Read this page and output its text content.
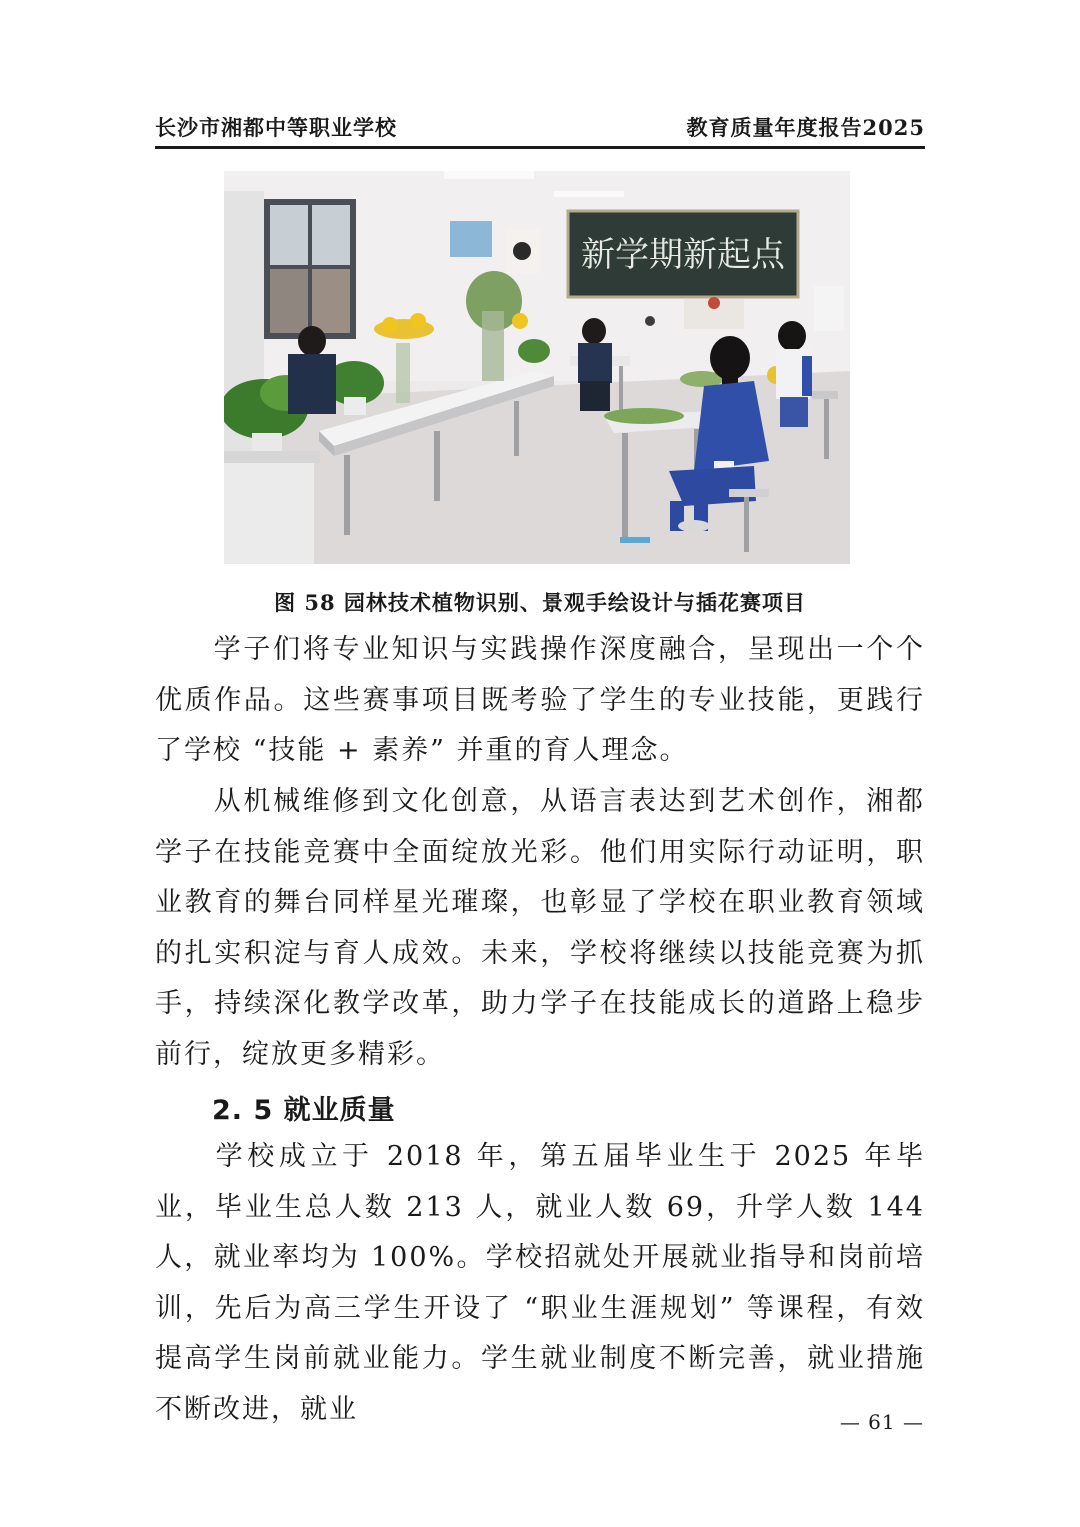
长沙市湘都中等职业学校	教育质量年度报告2025
新学期新起点
图 58 园林技术植物识别、景观手绘设计与插花赛项目
学子们将专业知识与实践操作深度融合，呈现出一个个优质作品。这些赛事项目既考验了学生的专业技能，更践行了学校 “技能 + 素养” 并重的育人理念。
从机械维修到文化创意，从语言表达到艺术创作，湘都学子在技能竞赛中全面绽放光彩。他们用实际行动证明，职业教育的舞台同样星光璀璨，也彰显了学校在职业教育领域的扎实积淀与育人成效。未来，学校将继续以技能竞赛为抓手，持续深化教学改革，助力学子在技能成长的道路上稳步前行，绽放更多精彩。
2. 5 就业质量
学校成立于 2018 年，第五届毕业生于 2025 年毕业，毕业生总人数 213 人，就业人数 69，升学人数 144 人，就业率均为 100%。学校招就处开展就业指导和岗前培训，先后为高三学生开设了 “职业生涯规划” 等课程，有效提高学生岗前就业能力。学生就业制度不断完善，就业措施不断改进，就业	— 61 —
